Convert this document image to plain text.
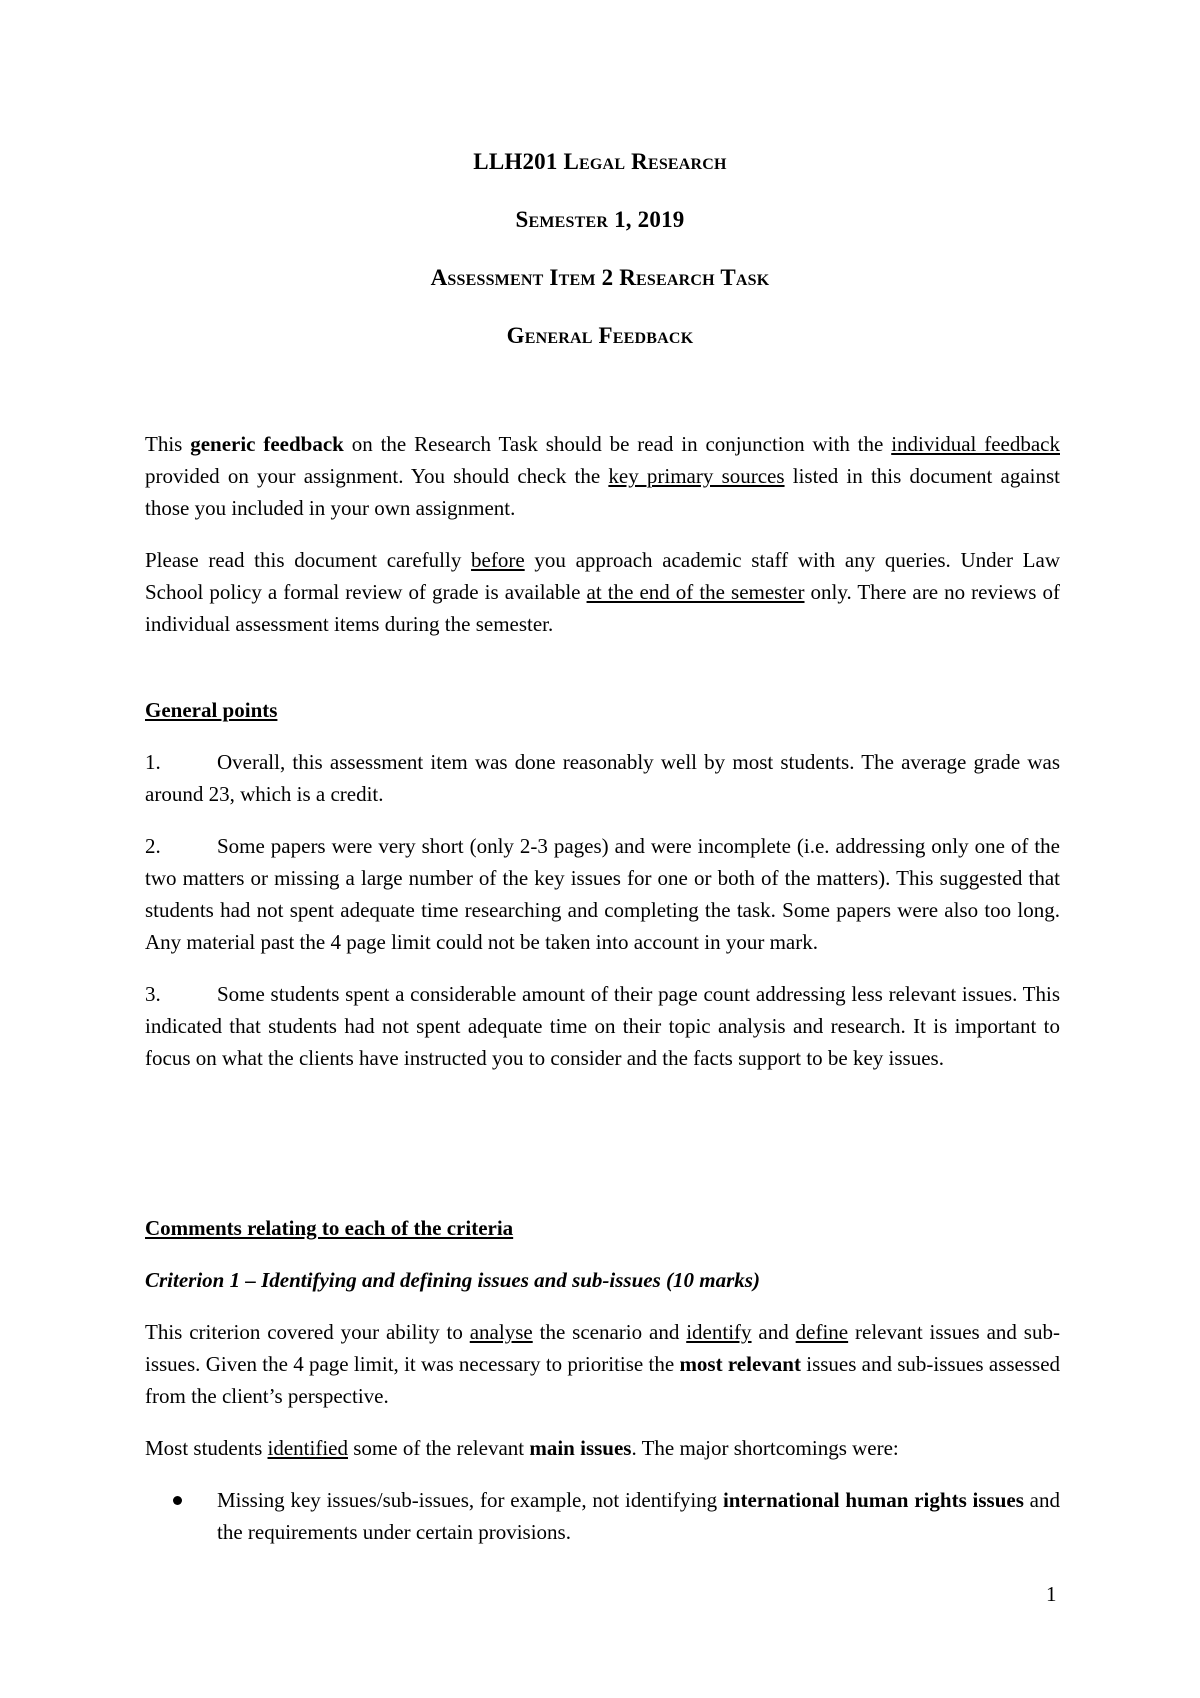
LLH201 Legal Research

Semester 1, 2019

Assessment Item 2 Research Task

General Feedback

This generic feedback on the Research Task should be read in conjunction with the individual feedback provided on your assignment. You should check the key primary sources listed in this document against those you included in your own assignment.

Please read this document carefully before you approach academic staff with any queries. Under Law School policy a formal review of grade is available at the end of the semester only. There are no reviews of individual assessment items during the semester.

General points

1.	Overall, this assessment item was done reasonably well by most students. The average grade was around 23, which is a credit.

2.	Some papers were very short (only 2-3 pages) and were incomplete (i.e. addressing only one of the two matters or missing a large number of the key issues for one or both of the matters). This suggested that students had not spent adequate time researching and completing the task. Some papers were also too long. Any material past the 4 page limit could not be taken into account in your mark.

3.	Some students spent a considerable amount of their page count addressing less relevant issues. This indicated that students had not spent adequate time on their topic analysis and research. It is important to focus on what the clients have instructed you to consider and the facts support to be key issues.

Comments relating to each of the criteria

Criterion 1 – Identifying and defining issues and sub-issues (10 marks)

This criterion covered your ability to analyse the scenario and identify and define relevant issues and sub-issues. Given the 4 page limit, it was necessary to prioritise the most relevant issues and sub-issues assessed from the client’s perspective.

Most students identified some of the relevant main issues. The major shortcomings were:

Missing key issues/sub-issues, for example, not identifying international human rights issues and the requirements under certain provisions.

1
